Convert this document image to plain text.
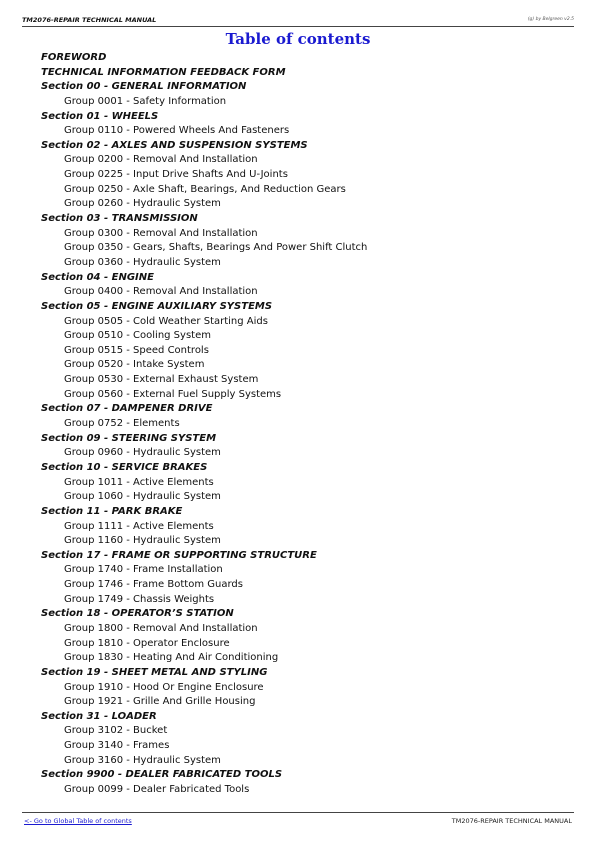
TM2076-REPAIR TECHNICAL MANUAL	(g) by Belgreen v2.5
Table of contents
FOREWORD
TECHNICAL INFORMATION FEEDBACK FORM
Section 00 - GENERAL INFORMATION
Group 0001 - Safety Information
Section 01 - WHEELS
Group 0110 - Powered Wheels And Fasteners
Section 02 - AXLES AND SUSPENSION SYSTEMS
Group 0200 - Removal And Installation
Group 0225 - Input Drive Shafts And U-Joints
Group 0250 - Axle Shaft, Bearings, And Reduction Gears
Group 0260 - Hydraulic System
Section 03 - TRANSMISSION
Group 0300 - Removal And Installation
Group 0350 - Gears, Shafts, Bearings And Power Shift Clutch
Group 0360 - Hydraulic System
Section 04 - ENGINE
Group 0400 - Removal And Installation
Section 05 - ENGINE AUXILIARY SYSTEMS
Group 0505 - Cold Weather Starting Aids
Group 0510 - Cooling System
Group 0515 - Speed Controls
Group 0520 - Intake System
Group 0530 - External Exhaust System
Group 0560 - External Fuel Supply Systems
Section 07 - DAMPENER DRIVE
Group 0752 - Elements
Section 09 - STEERING SYSTEM
Group 0960 - Hydraulic System
Section 10 - SERVICE BRAKES
Group 1011 - Active Elements
Group 1060 - Hydraulic System
Section 11 - PARK BRAKE
Group 1111 - Active Elements
Group 1160 - Hydraulic System
Section 17 - FRAME OR SUPPORTING STRUCTURE
Group 1740 - Frame Installation
Group 1746 - Frame Bottom Guards
Group 1749 - Chassis Weights
Section 18 - OPERATOR’S STATION
Group 1800 - Removal And Installation
Group 1810 - Operator Enclosure
Group 1830 - Heating And Air Conditioning
Section 19 - SHEET METAL AND STYLING
Group 1910 - Hood Or Engine Enclosure
Group 1921 - Grille And Grille Housing
Section 31 - LOADER
Group 3102 - Bucket
Group 3140 - Frames
Group 3160 - Hydraulic System
Section 9900 - DEALER FABRICATED TOOLS
Group 0099 - Dealer Fabricated Tools
<- Go to Global Table of contents	TM2076-REPAIR TECHNICAL MANUAL
